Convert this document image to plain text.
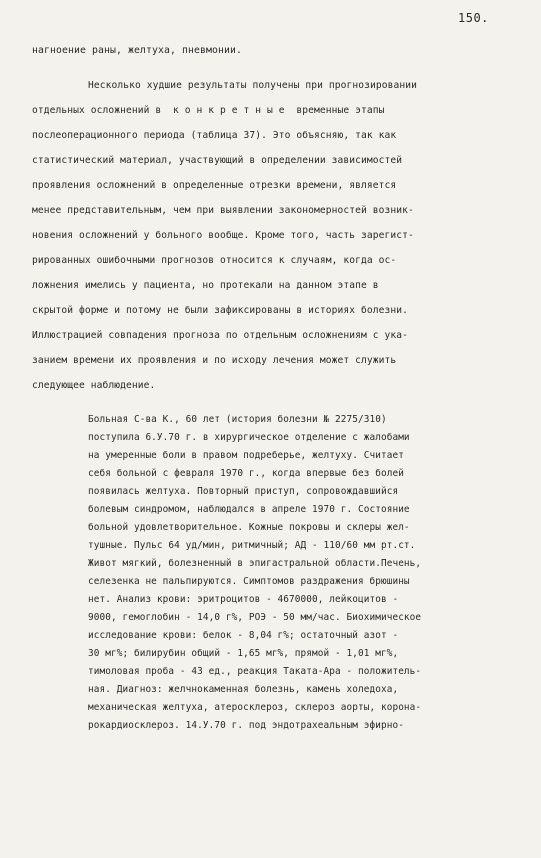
150.
нагноение раны, желтуха, пневмонии.
Несколько худшие результаты получены при прогнозировании
отдельных осложнений в  к о н к р е т н ы е  временные этапы
послеоперационного периода (таблица 37). Это объясняю, так как
статистический материал, участвующий в определении зависимостей
проявления осложнений в определенные отрезки времени, является
менее представительным, чем при выявлении закономерностей возник-
новения осложнений у больного вообще. Кроме того, часть зарегист-
рированных ошибочными прогнозов относится к случаям, когда ос-
ложнения имелись у пациента, но протекали на данном этапе в
скрытой форме и потому не были зафиксированы в историях болезни.
Иллюстрацией совпадения прогноза по отдельным осложнениям с ука-
занием времени их проявления и по исходу лечения может служить
следующее наблюдение.
Больная С-ва К., 60 лет (история болезни № 2275/310)
поступила 6.У.70 г. в хирургическое отделение с жалобами
на умеренные боли в правом подреберье, желтуху. Считает
себя больной с февраля 1970 г., когда впервые без болей
появилась желтуха. Повторный приступ, сопровождавшийся
болевым синдромом, наблюдался в апреле 1970 г. Состояние
больной удовлетворительное. Кожные покровы и склеры жел-
тушные. Пульс 64 уд/мин, ритмичный; АД - 110/60 мм рт.ст.
Живот мягкий, болезненный в эпигастральной области.Печень,
селезенка не пальпируются. Симптомов раздражения брюшины
нет. Анализ крови: эритроцитов - 4670000, лейкоцитов -
9000, гемоглобин - 14,0 г%, РОЭ - 50 мм/час. Биохимическое
исследование крови: белок - 8,04 г%; остаточный азот -
30 мг%; билирубин общий - 1,65 мг%, прямой - 1,01 мг%,
тимоловая проба - 43 ед., реакция Таката-Ара - положитель-
ная. Диагноз: желчнокаменная болезнь, камень холедоха,
механическая желтуха, атеросклероз, склероз аорты, корона-
рокардиосклероз. 14.У.70 г. под эндотрахеальным эфирно-
